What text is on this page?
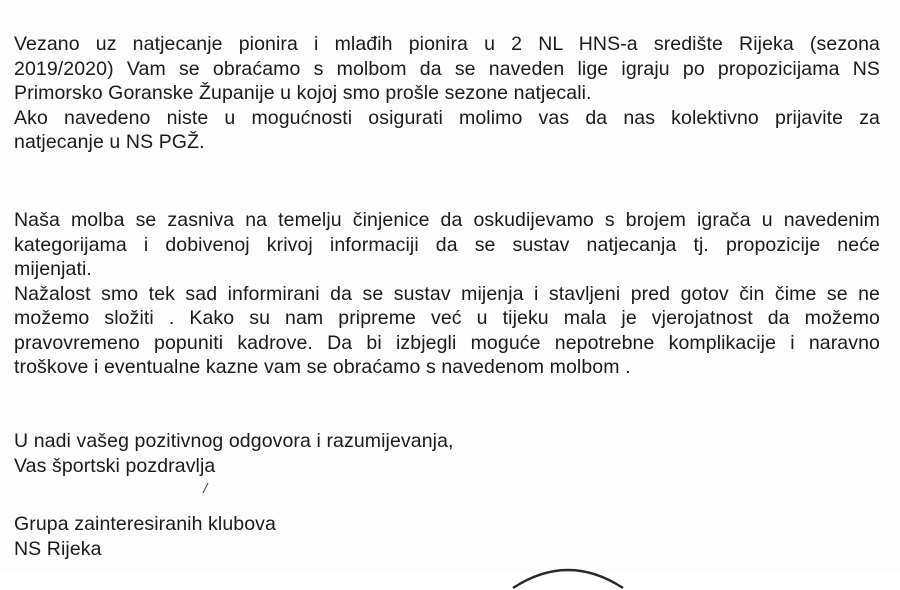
Vezano uz natjecanje pionira i mlađih pionira u 2 NL HNS-a središte Rijeka (sezona
2019/2020) Vam se obraćamo s molbom da se naveden lige igraju po propozicijama NS
Primorsko Goranske Županije u kojoj smo prošle sezone natjecali.
Ako navedeno niste u mogućnosti osigurati molimo vas da nas kolektivno prijavite za
natjecanje u NS PGŽ.
Naša molba se zasniva na temelju činjenice da oskudijevamo s brojem igrača u navedenim
kategorijama i dobivenoj krivoj informaciji da se sustav natjecanja tj. propozicije neće
mijenjati.
Nažalost smo tek sad informirani da se sustav mijenja i stavljeni pred gotov čin čime se ne
možemo složiti . Kako su nam pripreme već u tijeku mala je vjerojatnost da možemo
pravovremeno popuniti kadrove. Da bi izbjegli moguće nepotrebne komplikacije i naravno
troškove i eventualne kazne vam se obraćamo s navedenom molbom .
U nadi vašeg pozitivnog odgovora i razumijevanja,
Vas športski pozdravlja
Grupa zainteresiranih klubova
NS Rijeka
